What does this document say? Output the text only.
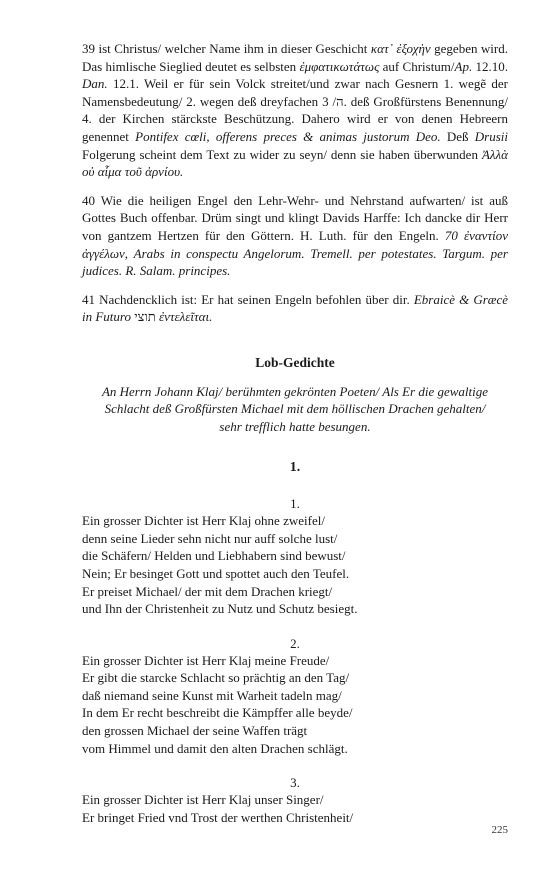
39 ist Christus/ welcher Name ihm in dieser Geschicht κατ᾽ ἐξοχὴν gegeben wird. Das himlische Sieglied deutet es selbsten ἐμφατικωτάτως auf Christum/Ap. 12.10. Dan. 12.1. Weil er für sein Volck streitet/und zwar nach Gesnern 1. wegẽ der Namensbedeutung/ 2. wegen deß dreyfachen ה/ 3. deß Großfürstens Benennung/ 4. der Kirchen stärckste Beschützung. Dahero wird er von denen Hebreern genennet Pontifex cœli, offerens preces & animas justorum Deo. Deß Drusii Folgerung scheint dem Text zu wider zu seyn/ denn sie haben überwunden Ἀλλὰ οὐ αἷμα τοῦ ἀρνίου.

40 Wie die heiligen Engel den Lehr-Wehr- und Nehrstand aufwarten/ ist auß Gottes Buch offenbar. Drüm singt und klingt Davids Harffe: Ich dancke dir Herr von gantzem Hertzen für den Göttern. H. Luth. für den Engeln. 70 ἐναντίον ἀγγέλων, Arabs in conspectu Angelorum. Tremell. per potestates. Targum. per judices. R. Salam. principes.

41 Nachdencklich ist: Er hat seinen Engeln befohlen über dir. Ebraicè & Græcè in Futuro תוצי ἐντελεῖται.

Lob-Gedichte
An Herrn Johann Klaj/ berühmten gekrönten Poeten/ Als Er die gewaltige Schlacht deß Großfürsten Michael mit dem höllischen Drachen gehalten/ sehr trefflich hatte besungen.
1.
1.
Ein grosser Dichter ist Herr Klaj ohne zweifel/
denn seine Lieder sehn nicht nur auff solche lust/
die Schäfern/ Helden und Liebhabern sind bewust/
Nein; Er besinget Gott und spottet auch den Teufel.
Er preiset Michael/ der mit dem Drachen kriegt/
und Ihn der Christenheit zu Nutz und Schutz besiegt.
2.
Ein grosser Dichter ist Herr Klaj meine Freude/
Er gibt die starcke Schlacht so prächtig an den Tag/
daß niemand seine Kunst mit Warheit tadeln mag/
In dem Er recht beschreibt die Kämpffer alle beyde/
den grossen Michael der seine Waffen trägt
vom Himmel und damit den alten Drachen schlägt.
3.
Ein grosser Dichter ist Herr Klaj unser Singer/
Er bringet Fried vnd Trost der werthen Christenheit/
225
